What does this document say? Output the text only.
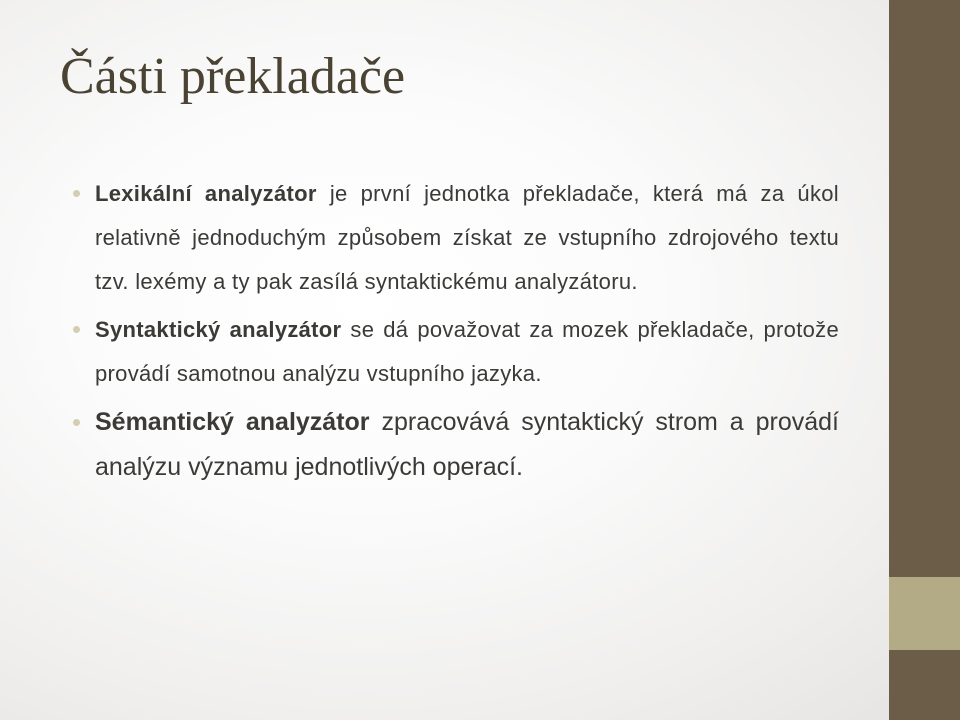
Části překladače
Lexikální analyzátor je první jednotka překladače, která má za úkol relativně jednoduchým způsobem získat ze vstupního zdrojového textu tzv. lexémy a ty pak zasílá syntaktickému analyzátoru.
Syntaktický analyzátor se dá považovat za mozek překladače, protože provádí samotnou analýzu vstupního jazyka.
Sémantický analyzátor zpracovává syntaktický strom a provádí analýzu významu jednotlivých operací.
